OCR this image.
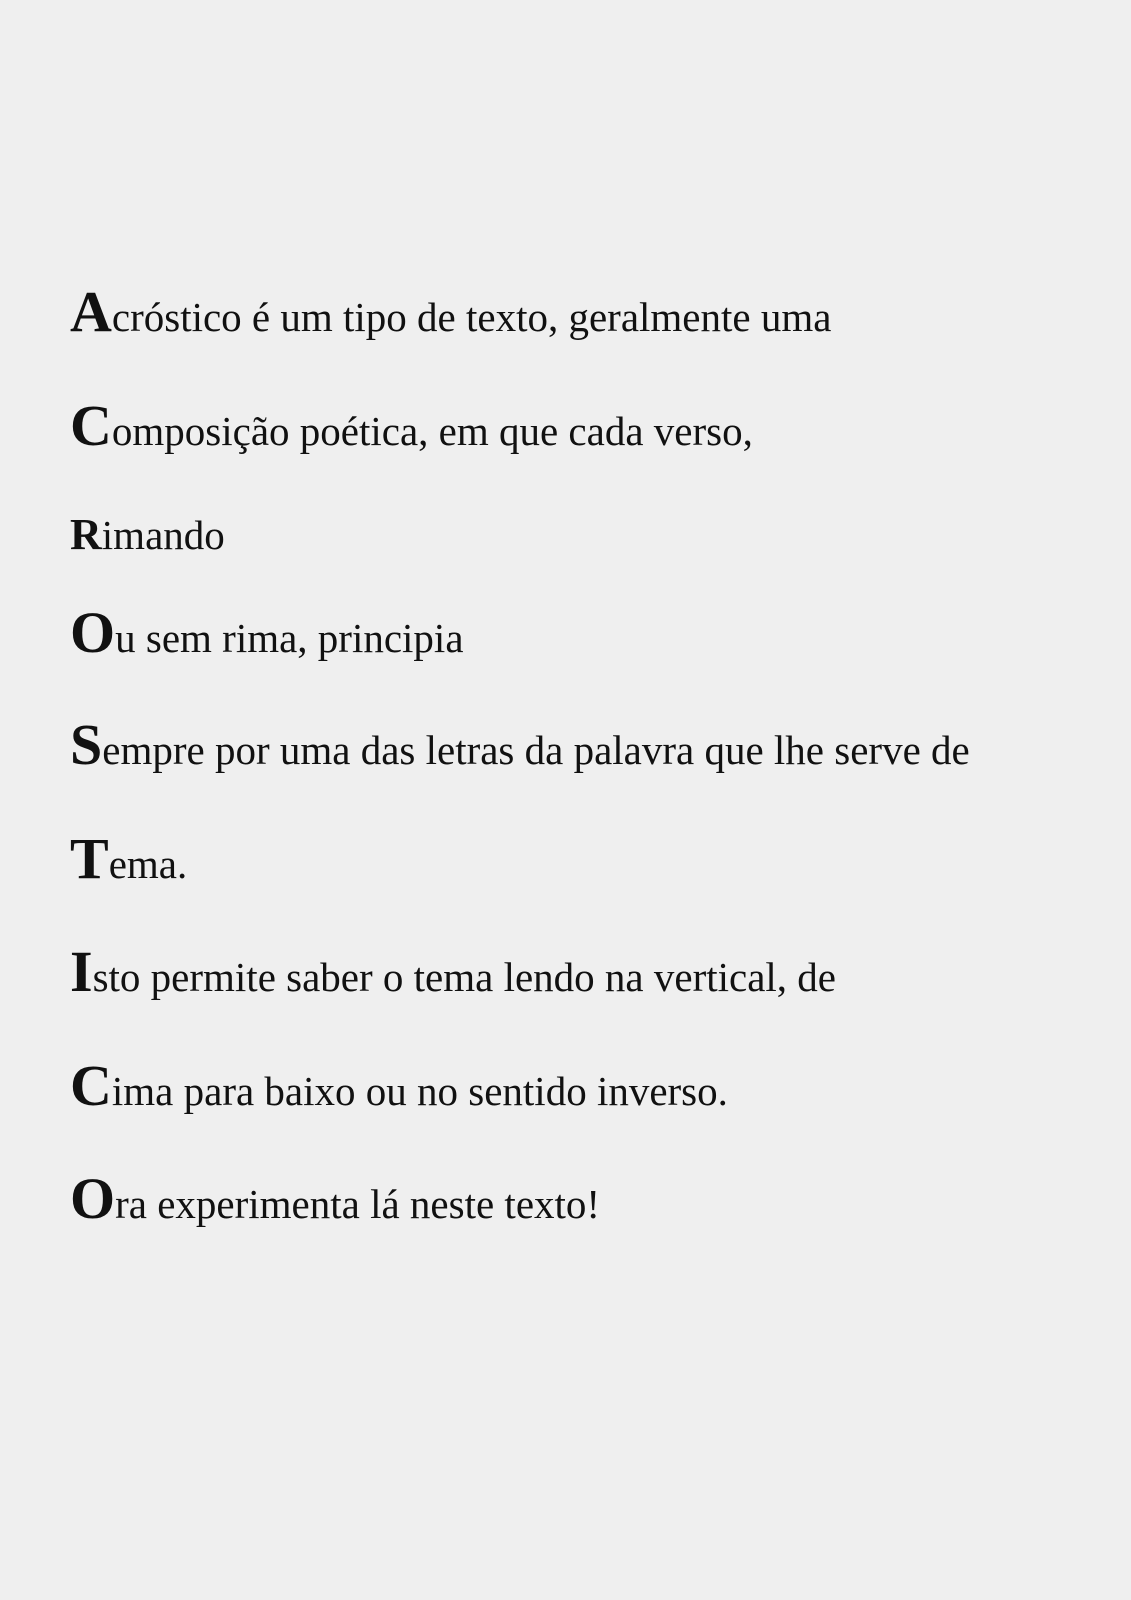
Acróstico é um tipo de texto, geralmente uma
Composição poética, em que cada verso,
Rimando
Ou sem rima, principia
Sempre por uma das letras da palavra que lhe serve de
Tema.
Isto permite saber o tema lendo na vertical, de
Cima para baixo ou no sentido inverso.
Ora experimenta lá neste texto!
